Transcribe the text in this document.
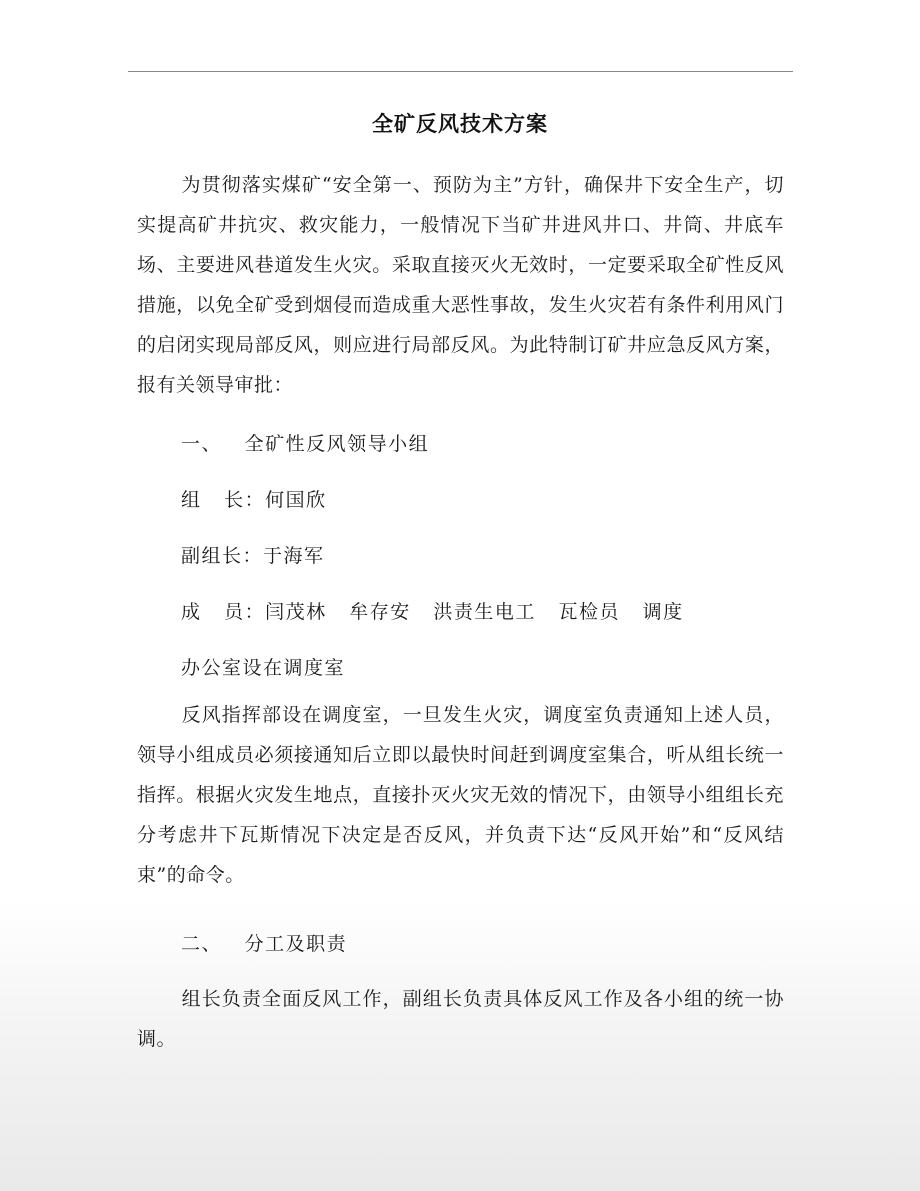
全矿反风技术方案

为贯彻落实煤矿“安全第一、预防为主”方针，确保井下安全生产，切实提高矿井抗灾、救灾能力，一般情况下当矿井进风井口、井筒、井底车场、主要进风巷道发生火灾。采取直接灭火无效时，一定要采取全矿性反风措施，以免全矿受到烟侵而造成重大恶性事故，发生火灾若有条件利用风门的启闭实现局部反风，则应进行局部反风。为此特制订矿井应急反风方案，报有关领导审批：

一、   全矿性反风领导小组

组   长：何国欣

副组长：于海军

成   员：闫茂林   牟存安   洪责生电工   瓦检员   调度

办公室设在调度室

反风指挥部设在调度室，一旦发生火灾，调度室负责通知上述人员，领导小组成员必须接通知后立即以最快时间赶到调度室集合，听从组长统一指挥。根据火灾发生地点，直接扑灭火灾无效的情况下，由领导小组组长充分考虑井下瓦斯情况下决定是否反风，并负责下达“反风开始”和“反风结束”的命令。

二、   分工及职责

组长负责全面反风工作，副组长负责具体反风工作及各小组的统一协调。
